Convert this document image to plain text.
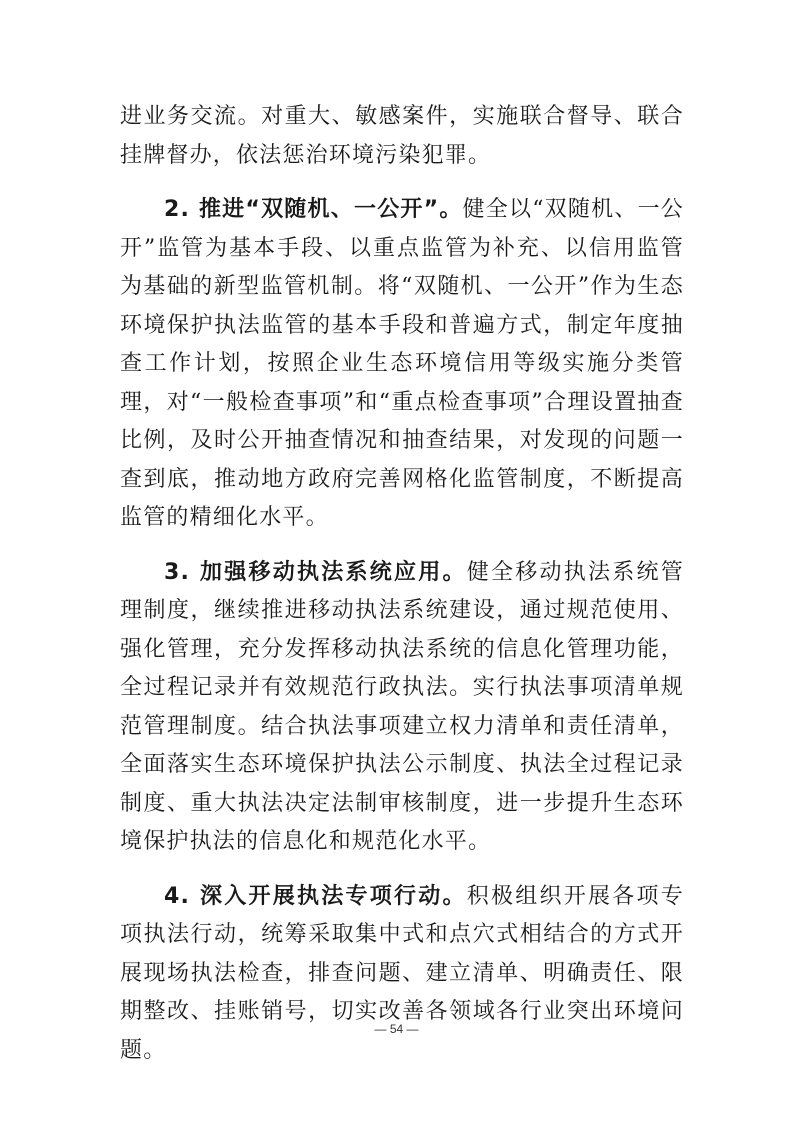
进业务交流。对重大、敏感案件，实施联合督导、联合挂牌督办，依法惩治环境污染犯罪。

2. 推进“双随机、一公开”。健全以“双随机、一公开”监管为基本手段、以重点监管为补充、以信用监管为基础的新型监管机制。将“双随机、一公开”作为生态环境保护执法监管的基本手段和普遍方式，制定年度抽查工作计划，按照企业生态环境信用等级实施分类管理，对“一般检查事项”和“重点检查事项”合理设置抽查比例，及时公开抽查情况和抽查结果，对发现的问题一查到底，推动地方政府完善网格化监管制度，不断提高监管的精细化水平。

3. 加强移动执法系统应用。健全移动执法系统管理制度，继续推进移动执法系统建设，通过规范使用、强化管理，充分发挥移动执法系统的信息化管理功能，全过程记录并有效规范行政执法。实行执法事项清单规范管理制度。结合执法事项建立权力清单和责任清单，全面落实生态环境保护执法公示制度、执法全过程记录制度、重大执法决定法制审核制度，进一步提升生态环境保护执法的信息化和规范化水平。

4. 深入开展执法专项行动。积极组织开展各项专项执法行动，统筹采取集中式和点穴式相结合的方式开展现场执法检查，排查问题、建立清单、明确责任、限期整改、挂账销号，切实改善各领域各行业突出环境问题。

— 54 —
